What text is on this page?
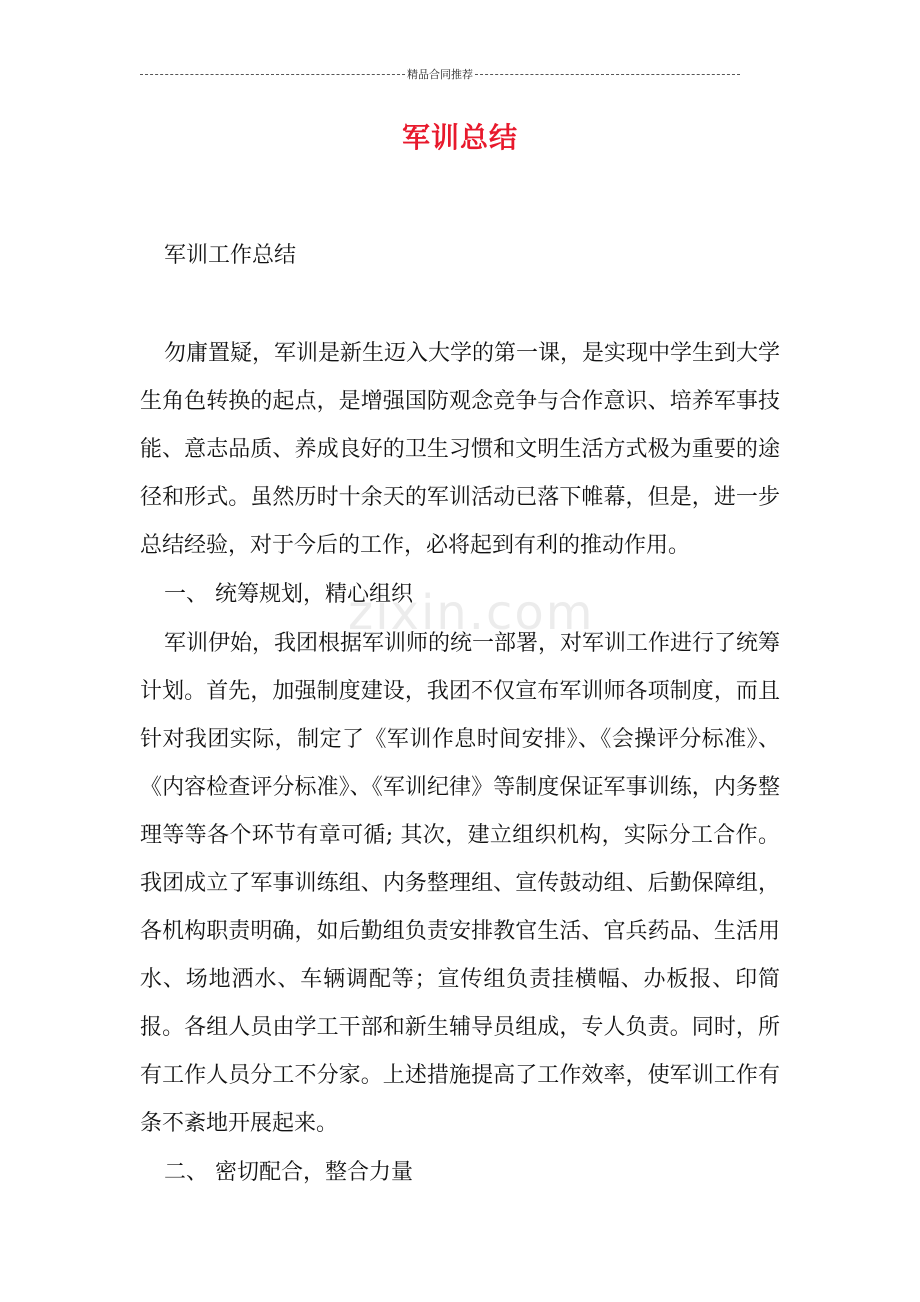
精品合同推荐
zixin.com
军训总结

军训工作总结

勿庸置疑，军训是新生迈入大学的第一课，是实现中学生到大学生角色转换的起点，是增强国防观念竞争与合作意识、培养军事技能、意志品质、养成良好的卫生习惯和文明生活方式极为重要的途径和形式。虽然历时十余天的军训活动已落下帷幕，但是，进一步总结经验，对于今后的工作，必将起到有利的推动作用。

一、 统筹规划，精心组织

军训伊始，我团根据军训师的统一部署，对军训工作进行了统筹计划。首先，加强制度建设，我团不仅宣布军训师各项制度，而且针对我团实际，制定了《军训作息时间安排》、《会操评分标准》、《内容检查评分标准》、《军训纪律》等制度保证军事训练，内务整理等等各个环节有章可循; 其次，建立组织机构，实际分工合作。我团成立了军事训练组、内务整理组、宣传鼓动组、后勤保障组，各机构职责明确，如后勤组负责安排教官生活、官兵药品、生活用水、场地洒水、车辆调配等；宣传组负责挂横幅、办板报、印简报。各组人员由学工干部和新生辅导员组成，专人负责。同时，所有工作人员分工不分家。上述措施提高了工作效率，使军训工作有条不紊地开展起来。

二、 密切配合，整合力量
